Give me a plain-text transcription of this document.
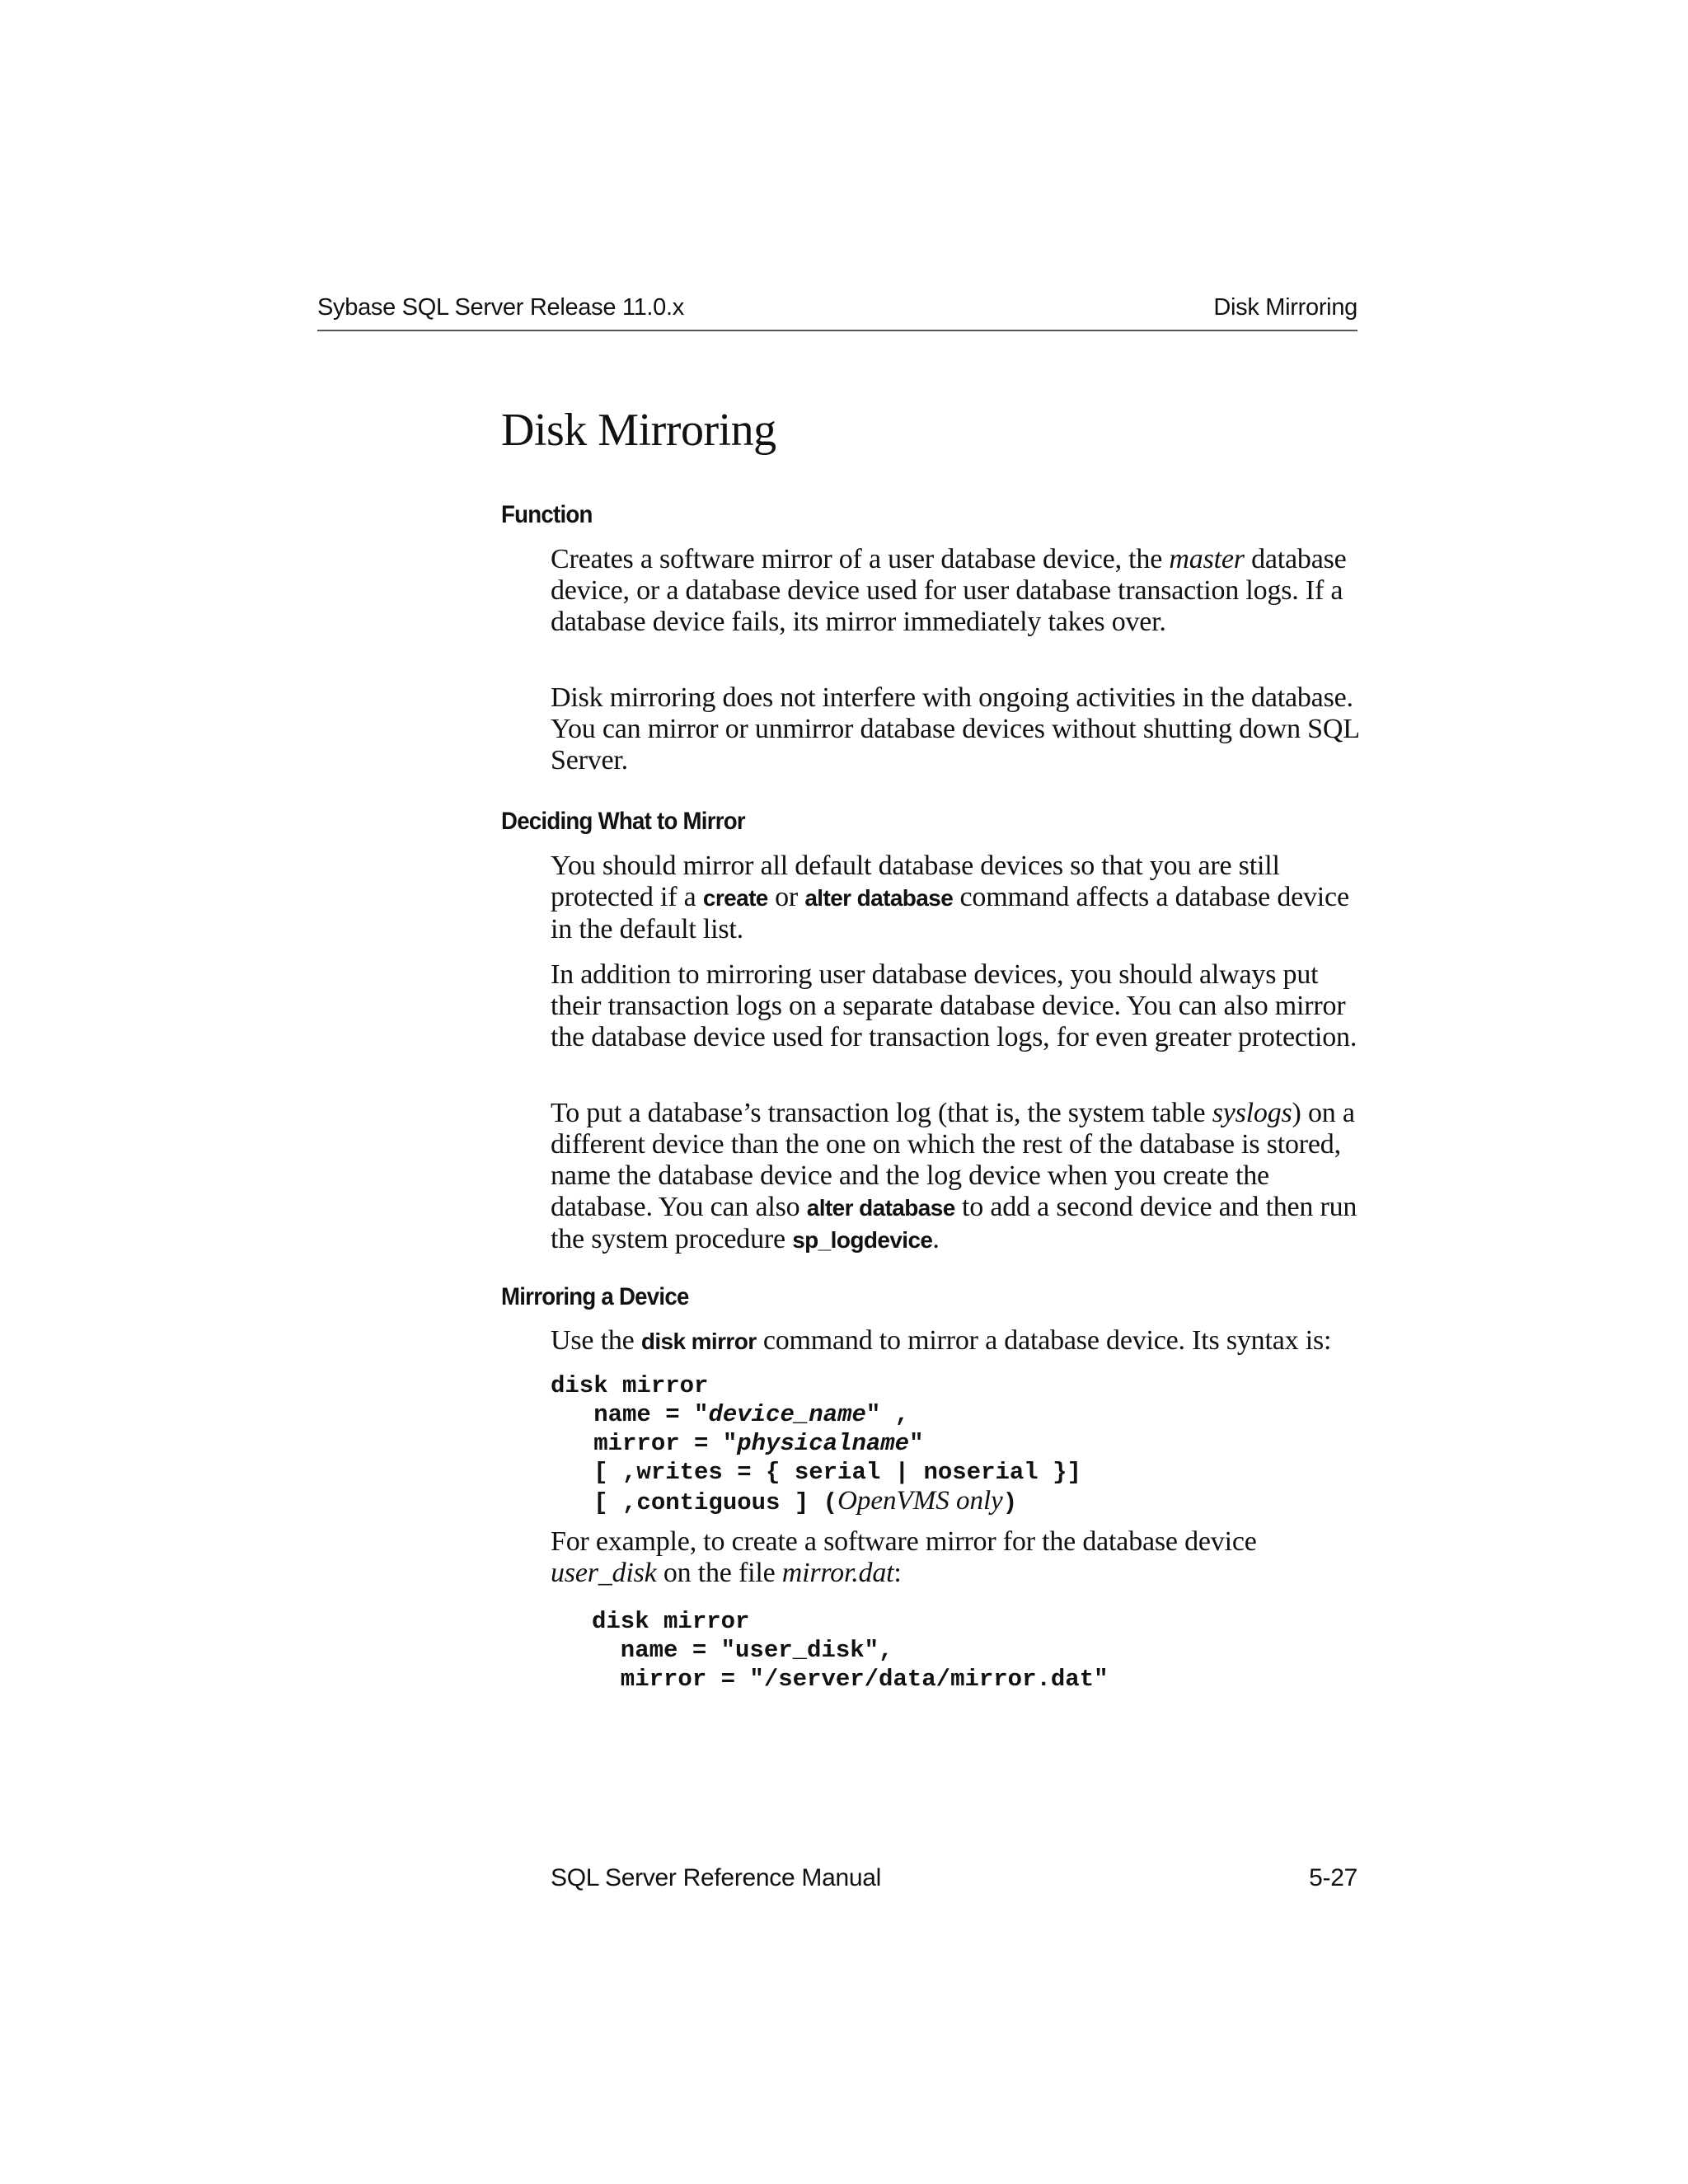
Sybase SQL Server Release 11.0.x	Disk Mirroring
Disk Mirroring
Function

Creates a software mirror of a user database device, the master database device, or a database device used for user database transaction logs. If a database device fails, its mirror immediately takes over.

Disk mirroring does not interfere with ongoing activities in the database. You can mirror or unmirror database devices without shutting down SQL Server.

Deciding What to Mirror

You should mirror all default database devices so that you are still protected if a create or alter database command affects a database device in the default list.

In addition to mirroring user database devices, you should always put their transaction logs on a separate database device. You can also mirror the database device used for transaction logs, for even greater protection.

To put a database’s transaction log (that is, the system table syslogs) on a different device than the one on which the rest of the database is stored, name the database device and the log device when you create the database. You can also alter database to add a second device and then run the system procedure sp_logdevice.

Mirroring a Device

Use the disk mirror command to mirror a database device. Its syntax is:

disk mirror
name = "device_name" ,
mirror = "physicalname"
[ ,writes = { serial | noserial }]
[ ,contiguous ] (OpenVMS only)

For example, to create a software mirror for the database device user_disk on the file mirror.dat:

disk mirror
name = "user_disk",
mirror = "/server/data/mirror.dat"
SQL Server Reference Manual	5-27
